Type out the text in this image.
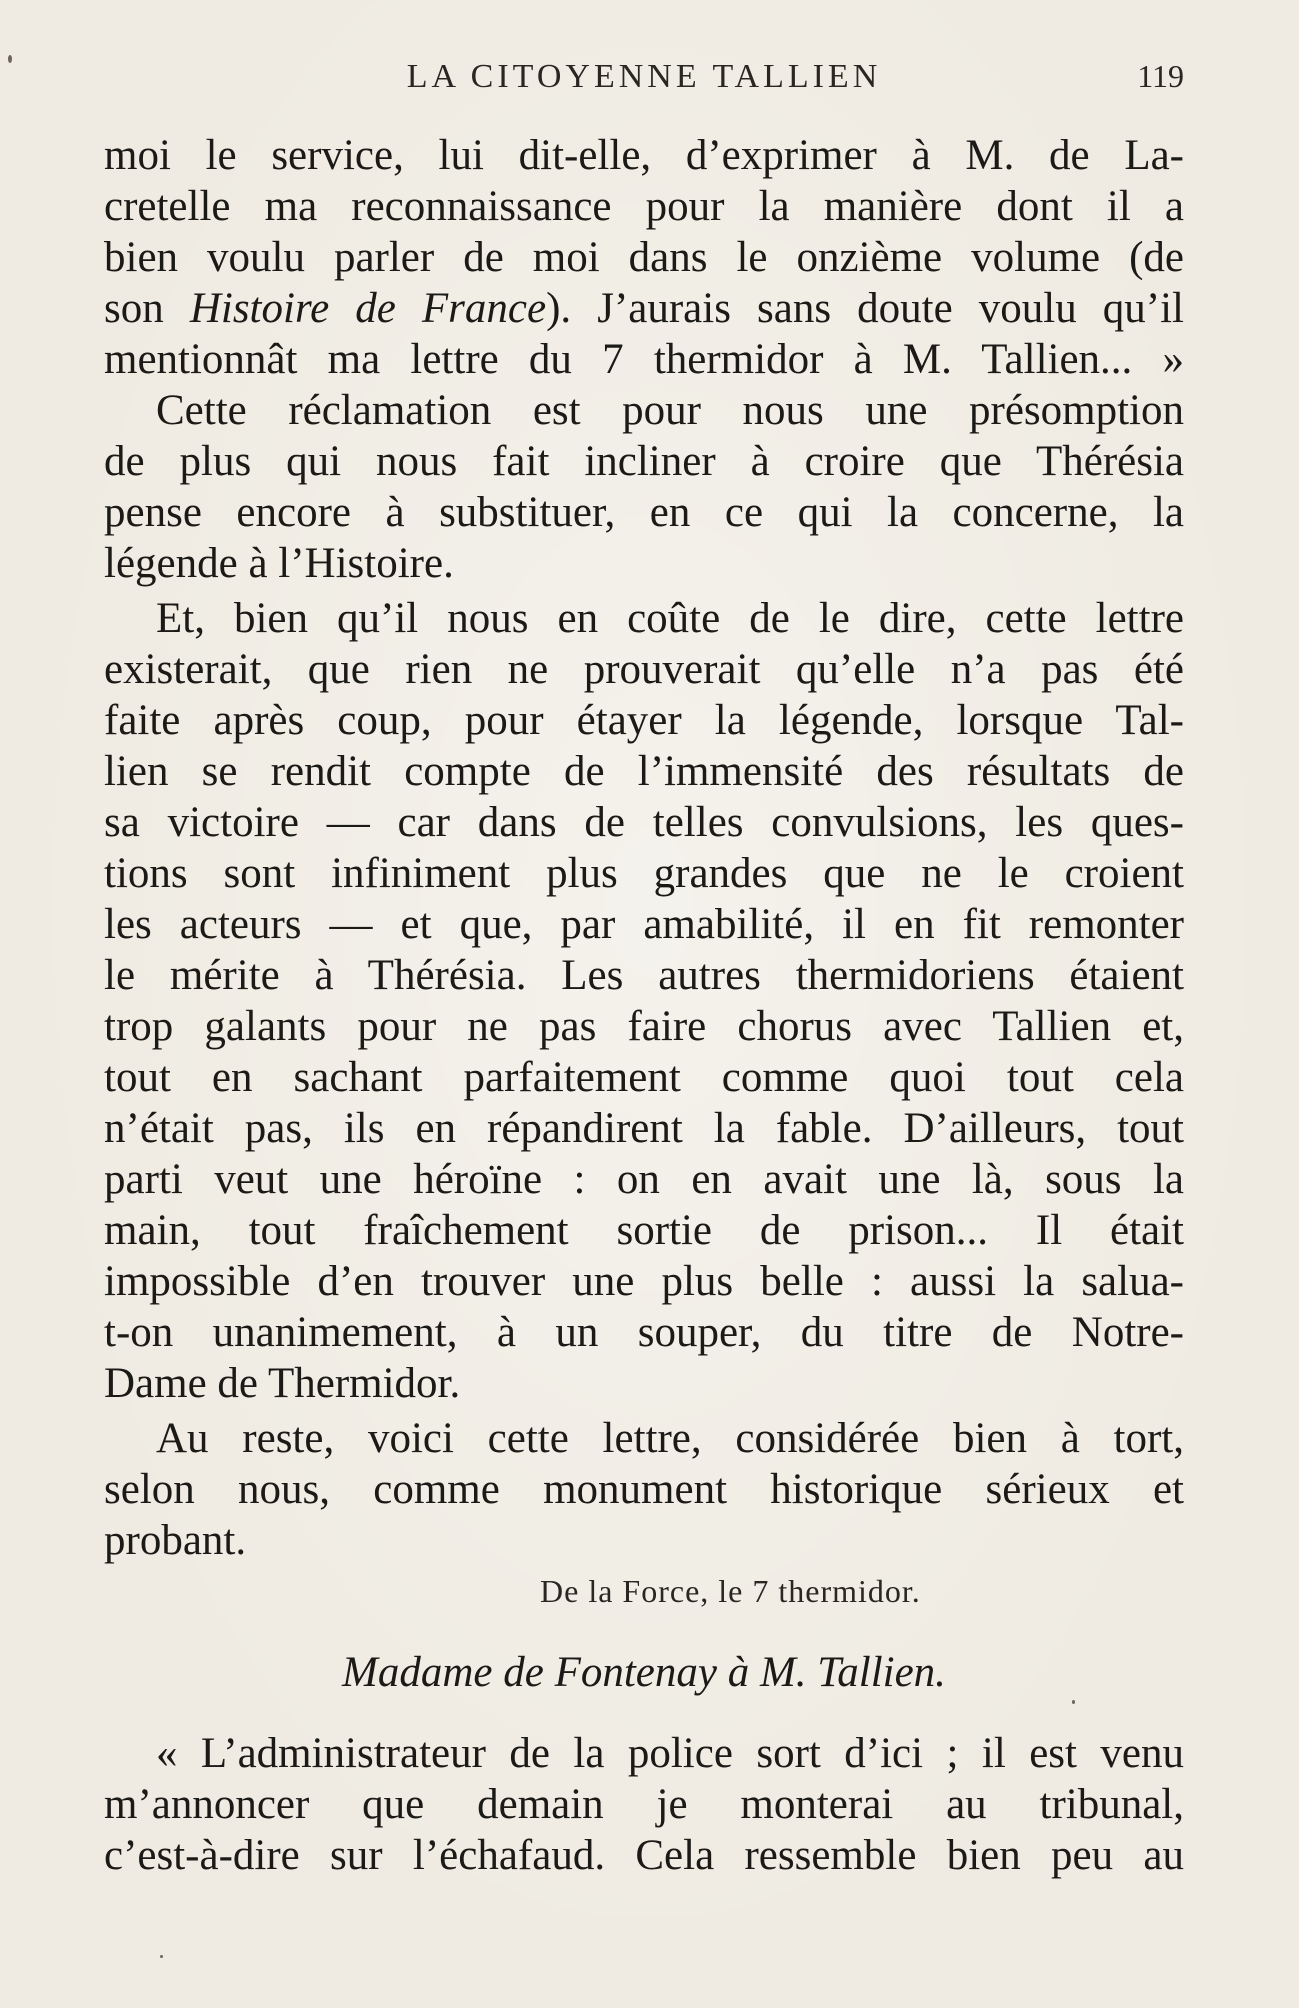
LA CITOYENNE TALLIEN	119
moi le service, lui dit-elle, d’exprimer à M. de La-
cretelle ma reconnaissance pour la manière dont il a
bien voulu parler de moi dans le onzième volume (de
son Histoire de France). J’aurais sans doute voulu qu’il
mentionnât ma lettre du 7 thermidor à M. Tallien... »
Cette réclamation est pour nous une présomption
de plus qui nous fait incliner à croire que Thérésia
pense encore à substituer, en ce qui la concerne, la
légende à l’Histoire.
Et, bien qu’il nous en coûte de le dire, cette lettre
existerait, que rien ne prouverait qu’elle n’a pas été
faite après coup, pour étayer la légende, lorsque Tal-
lien se rendit compte de l’immensité des résultats de
sa victoire — car dans de telles convulsions, les ques-
tions sont infiniment plus grandes que ne le croient
les acteurs — et que, par amabilité, il en fit remonter
le mérite à Thérésia. Les autres thermidoriens étaient
trop galants pour ne pas faire chorus avec Tallien et,
tout en sachant parfaitement comme quoi tout cela
n’était pas, ils en répandirent la fable. D’ailleurs, tout
parti veut une héroïne : on en avait une là, sous la
main, tout fraîchement sortie de prison... Il était
impossible d’en trouver une plus belle : aussi la salua-
t-on unanimement, à un souper, du titre de Notre-
Dame de Thermidor.
Au reste, voici cette lettre, considérée bien à tort,
selon nous, comme monument historique sérieux et
probant.
De la Force, le 7 thermidor.
Madame de Fontenay à M. Tallien.
« L’administrateur de la police sort d’ici ; il est venu
m’annoncer que demain je monterai au tribunal,
c’est-à-dire sur l’échafaud. Cela ressemble bien peu au
